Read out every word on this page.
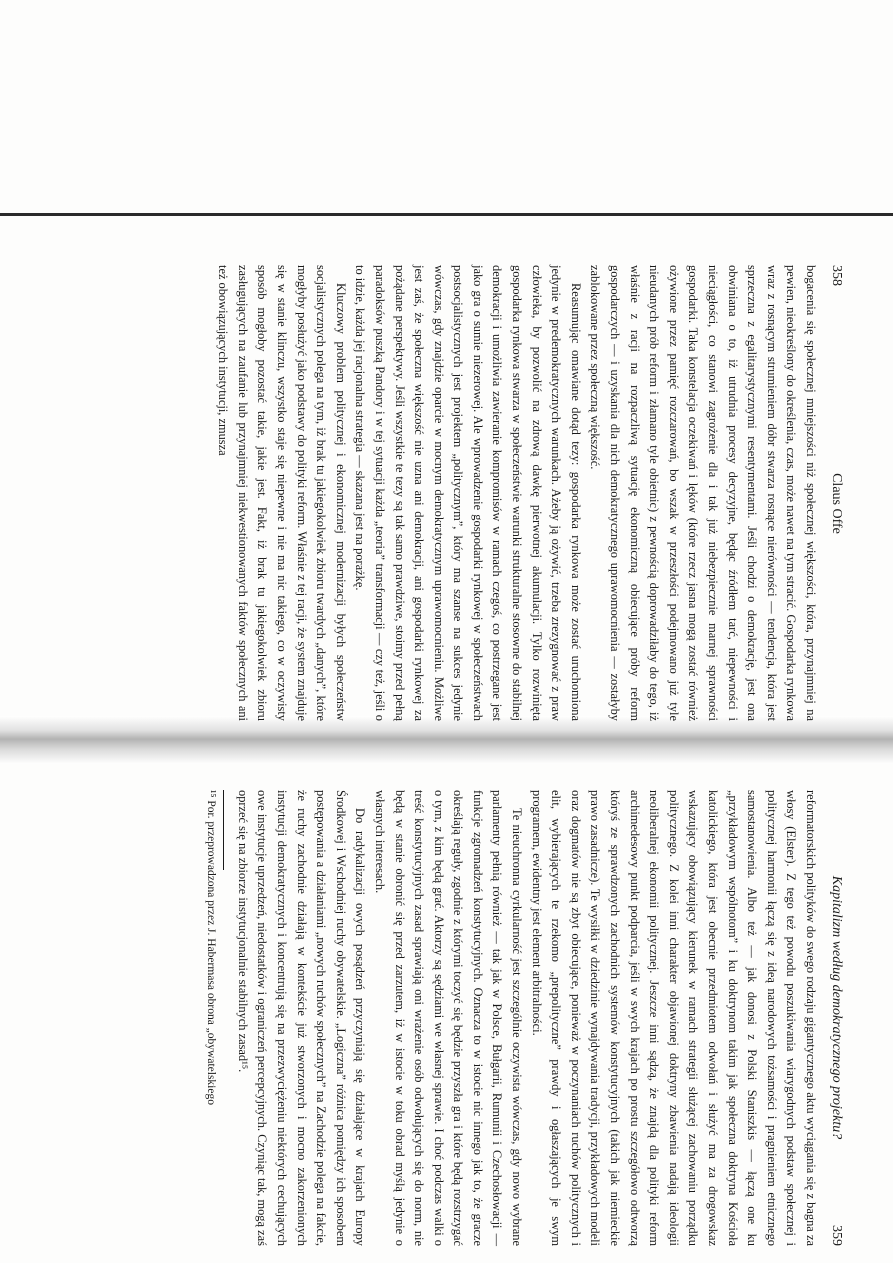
358
Claus Offe

bogacenia się społecznej mniejszości niż społecznej większości, która, przynajmniej na pewien, nieokreślony do określenia, czas, może nawet na tym stracić. Gospodarka rynkowa wraz z rosnącym strumieniem dóbr stwarza rosnące nierówności — tendencja, która jest sprzeczna z egalitarystycznymi resentymentami. Jeśli chodzi o demokrację, jest ona obwiniana o to, iż utrudnia procesy decyzyjne, będąc źródłem tarć, niepewności i nieciągłości, co stanowi zagrożenie dla i tak już niebezpiecznie marnej sprawności gospodarki. Taka konstelacja oczekiwań i lęków (które rzecz jasna mogą zostać również ożywione przez pamięć rozczarowań, bo wszak w przeszłości podejmowano już tyle nieudanych prób reform i złamano tyle obietnic) z pewnością doprowadziłaby do tego, iż właśnie z racji na rozpaczliwą sytuację ekonomiczną obiecujące próby reform gospodarczych — i uzyskania dla nich demokratycznego uprawomocnienia — zostałyby zablokowane przez społeczną większość.

Reasumując omawiane dotąd tezy: gospodarka rynkowa może zostać uruchomiona jedynie w predemokratycznych warunkach. Ażeby ją ożywić, trzeba zrezygnować z praw człowieka, by pozwolić na zdrową dawkę pierwotnej akumulacji. Tylko rozwinięta gospodarka rynkowa stwarza w społeczeństwie warunki strukturalne stosowne do stabilnej demokracji i umożliwia zawieranie kompromisów w ramach czegoś, co postrzegane jest jako gra o sumie niezerowej. Ale wprowadzenie gospodarki rynkowej w społeczeństwach postsocjalistycznych jest projektem „politycznym”, który ma szanse na sukces jedynie wówczas, gdy znajdzie oparcie w mocnym demokratycznym uprawomocnieniu. Możliwe jest zaś, że społeczna większość nie uzna ani demokracji, ani gospodarki rynkowej za pożądane perspektywy. Jeśli wszystkie te tezy są tak samo prawdziwe, stoimy przed pełną paradoksów puszką Pandory i w tej sytuacji każda „teoria” transformacji — czy też, jeśli o to idzie, każda jej racjonalna strategia — skazana jest na porażkę.

Kluczowy problem politycznej i ekonomicznej modernizacji byłych społeczeństw socjalistycznych polega na tym, iż brak tu jakiegokolwiek zbioru twardych „danych”, które mogłyby posłużyć jako podstawy do polityki reform. Właśnie z tej racji, że system znajduje się w stanie klinczu, wszystko staje się niepewne i nie ma nic takiego, co w oczywisty sposób mogłoby pozostać takie, jakie jest. Fakt, iż brak tu jakiegokolwiek zbioru zasługujących na zaufanie lub przynajmniej niekwestionowanych faktów społecznych ani też obowiązujących instytucji, zmusza

Kapitalizm według demokratycznego projektu?
359

reformatorskich polityków do swego rodzaju gigantycznego aktu wyciągania się z bagna za włosy (Elster). Z tego też powodu poszukiwania wiarygodnych podstaw społecznej i politycznej harmonii łączą się z ideą narodowych tożsamości i pragnieniem etnicznego samostanowienia. Albo też — jak donosi z Polski Staniszkis — łączą one ku „przykładowym wspólnotom” i ku doktrynom takim jak społeczna doktryna Kościoła katolickiego, która jest obecnie przedmiotem odwołań i służyć ma za drogowskaz wskazujący obowiązujący kierunek w ramach strategii służącej zachowaniu porządku politycznego. Z kolei inni charakter objawionej doktryny zbawienia nadają ideologii neoliberalnej ekonomii politycznej. Jeszcze inni sądzą, że znajdą dla polityki reform archimedesowy punkt podparcia, jeśli w swych krajach po prostu szczegółowo odtworzą któryś ze sprawdzonych zachodnich systemów konstytucyjnych (takich jak niemieckie prawo zasadnicze). Te wysiłki w dziedzinie wynajdywania tradycji, przykładowych modeli oraz dogmatów nie są zbyt obiecujące, ponieważ w poczynaniach ruchów politycznych i elit, wybierających te rzekomo „prepolityczne” prawdy i ogłaszających je swym programem, ewidentny jest element arbitralności.

Te nieuchronna cyrkularność jest szczególnie oczywista wówczas, gdy nowo wybrane parlamenty pełnią również — tak jak w Polsce, Bułgarii, Rumunii i Czechosłowacji — funkcje zgromadzeń konstytucyjnych. Oznacza to w istocie nic innego jak to, że gracze określają reguły, zgodnie z którymi toczyć się będzie przyszła gra i które będą rozstrzygać o tym, z kim będą grać. Aktorzy są sędziami we własnej sprawie. I choć podczas walki o treść konstytucyjnych zasad sprawiają oni wrażenie osób odwołujących się do norm, nie będą w stanie obronić się przed zarzutem, iż w istocie w toku obrad myślą jedynie o własnych interesach.

Do radykalizacji owych posądzeń przyczyniają się działające w krajach Europy Środkowej i Wschodniej ruchy obywatelskie. „Logiczna” różnica pomiędzy ich sposobem postępowania a działaniami „nowych ruchów społecznych” na Zachodzie polega na fakcie, że ruchy zachodnie działają w kontekście już stworzonych i mocno zakorzenionych instytucji demokratycznych i koncentrują się na przezwyciężeniu niektórych cechujących owe instytucje uprzedzeń, niedostatków i ograniczeń percepcyjnych. Czyniąc tak, mogą zaś oprzeć się na zbiorze instytucjonalnie stabilnych zasad¹⁵.

¹⁵ Por. przeprowadzona przez J. Habermasa obrona „obywatelskiego
